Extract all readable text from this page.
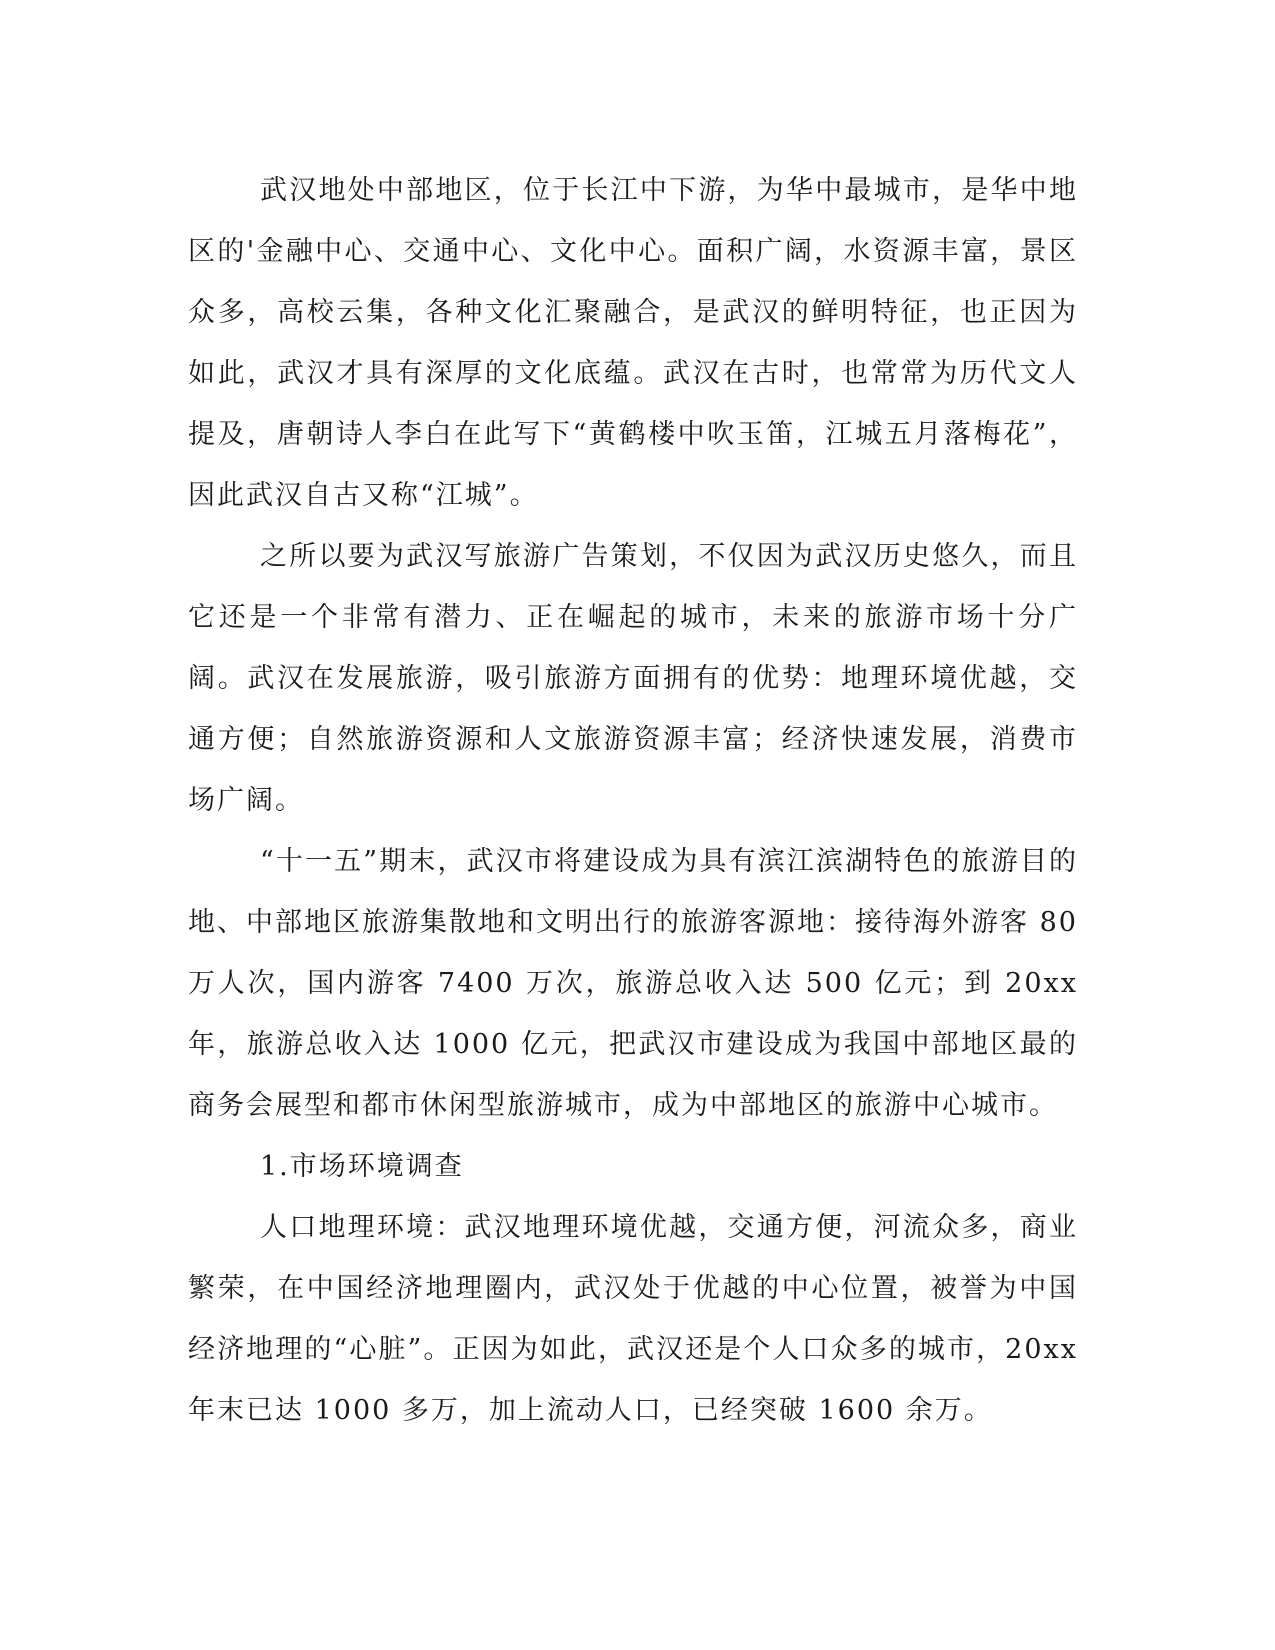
武汉地处中部地区，位于长江中下游，为华中最城市，是华中地区的'金融中心、交通中心、文化中心。面积广阔，水资源丰富，景区众多，高校云集，各种文化汇聚融合，是武汉的鲜明特征，也正因为如此，武汉才具有深厚的文化底蕴。武汉在古时，也常常为历代文人提及，唐朝诗人李白在此写下“黄鹤楼中吹玉笛，江城五月落梅花”，因此武汉自古又称“江城”。

之所以要为武汉写旅游广告策划，不仅因为武汉历史悠久，而且它还是一个非常有潜力、正在崛起的城市，未来的旅游市场十分广阔。武汉在发展旅游，吸引旅游方面拥有的优势：地理环境优越，交通方便；自然旅游资源和人文旅游资源丰富；经济快速发展，消费市场广阔。

“十一五”期末，武汉市将建设成为具有滨江滨湖特色的旅游目的地、中部地区旅游集散地和文明出行的旅游客源地：接待海外游客 80 万人次，国内游客 7400 万次，旅游总收入达 500 亿元；到 20xx 年，旅游总收入达 1000 亿元，把武汉市建设成为我国中部地区最的商务会展型和都市休闲型旅游城市，成为中部地区的旅游中心城市。

1.市场环境调查

人口地理环境：武汉地理环境优越，交通方便，河流众多，商业繁荣，在中国经济地理圈内，武汉处于优越的中心位置，被誉为中国经济地理的“心脏”。正因为如此，武汉还是个人口众多的城市，20xx 年末已达 1000 多万，加上流动人口，已经突破 1600 余万。
